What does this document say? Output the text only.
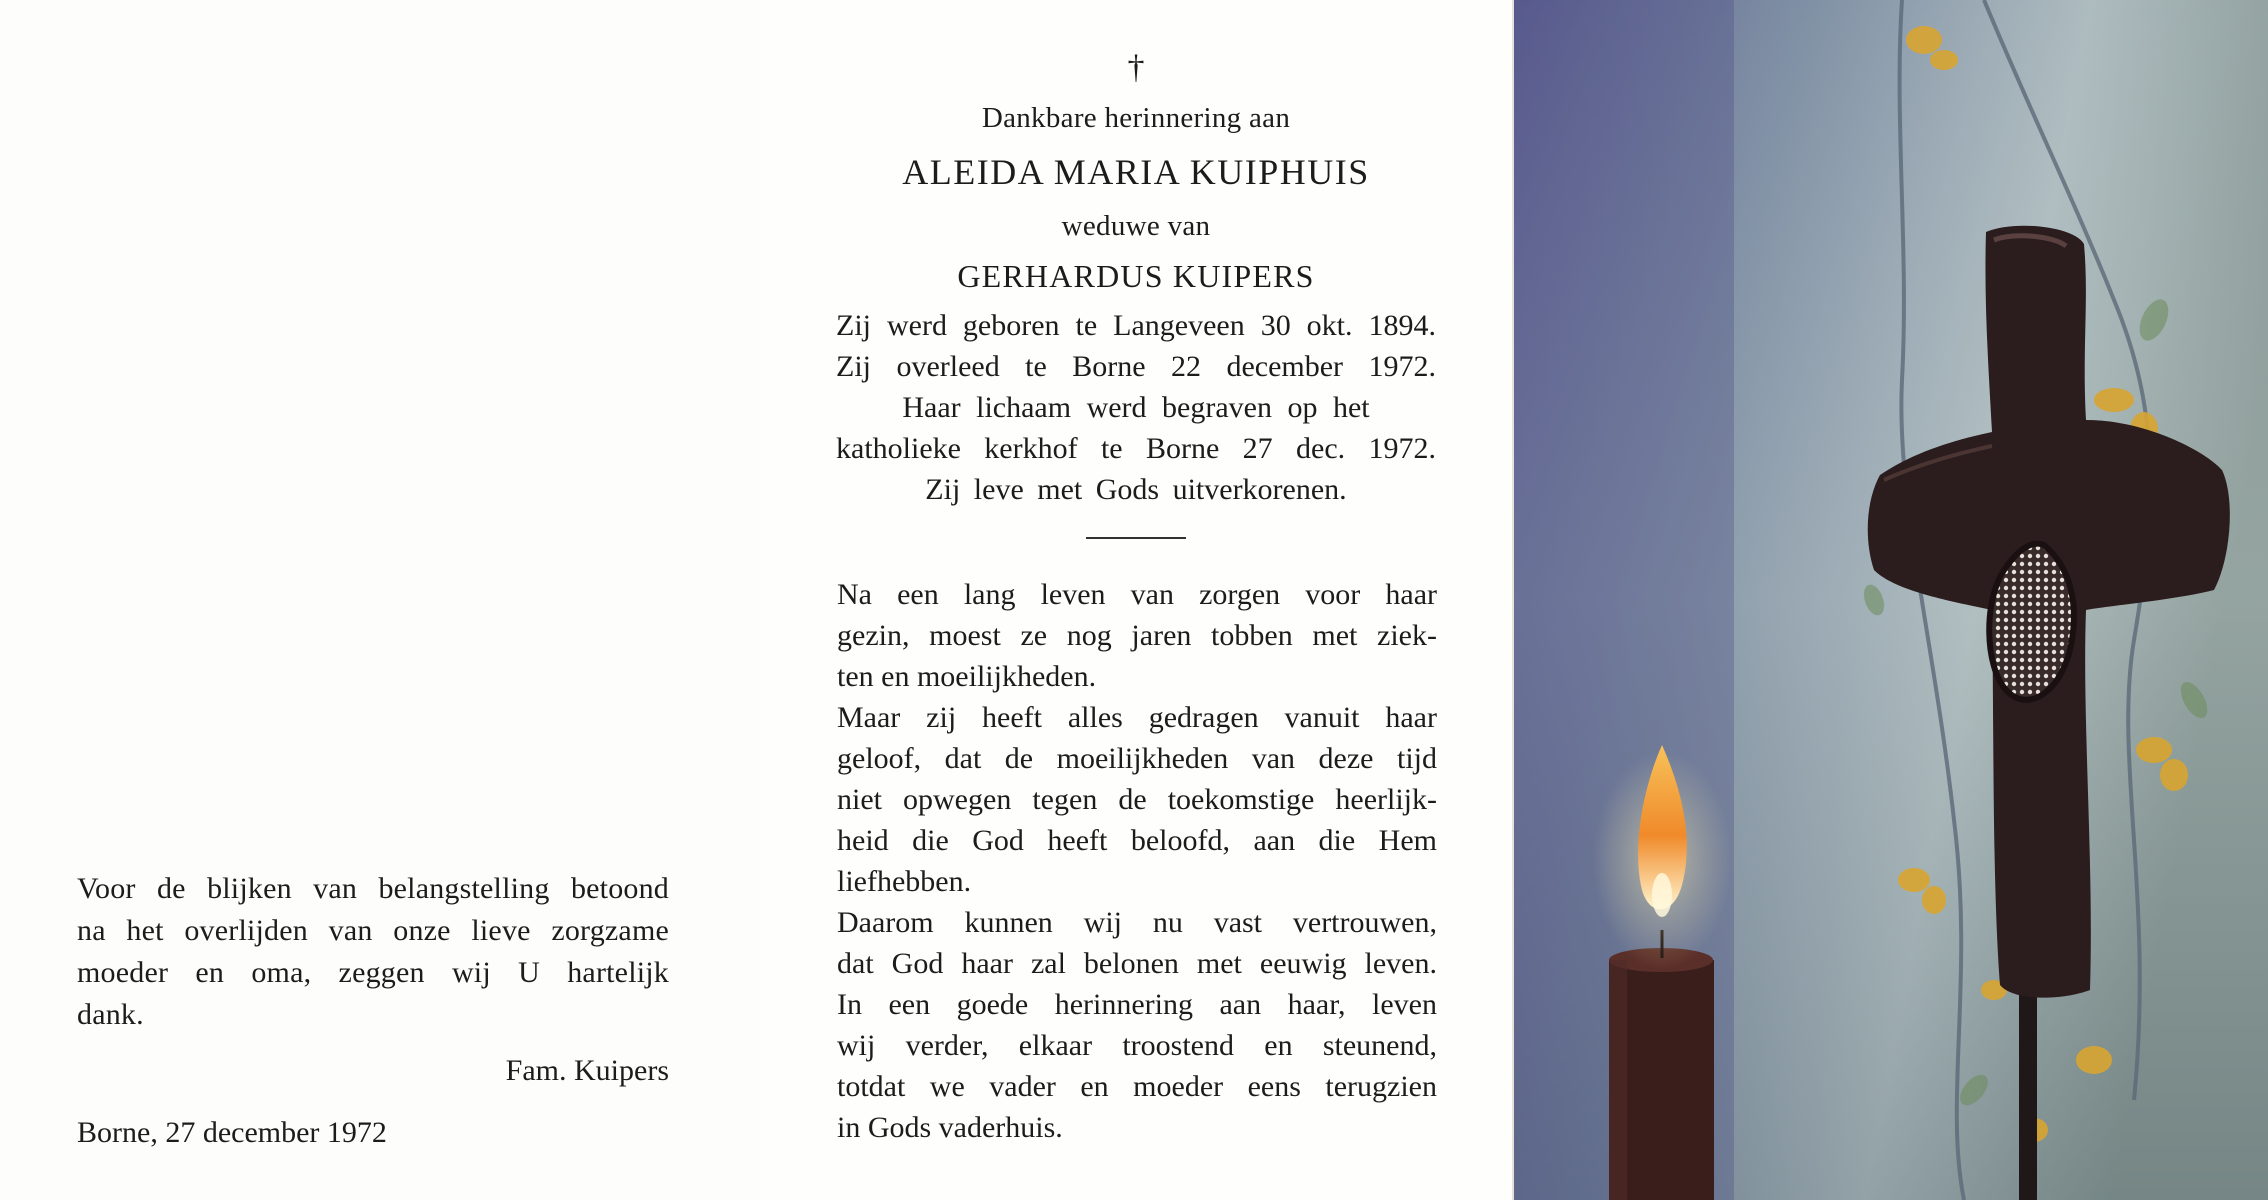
Voor de blijken van belangstelling betoond
na het overlijden van onze lieve zorgzame
moeder en oma, zeggen wij U hartelijk
dank.
Fam. Kuipers
Borne, 27 december 1972
†
Dankbare herinnering aan
ALEIDA MARIA KUIPHUIS
weduwe van
GERHARDUS KUIPERS
Zij werd geboren te Langeveen 30 okt. 1894.
Zij overleed te Borne 22 december 1972.
Haar lichaam werd begraven op het
katholieke kerkhof te Borne 27 dec. 1972.
Zij leve met Gods uitverkorenen.
Na een lang leven van zorgen voor haar
gezin, moest ze nog jaren tobben met ziek-
ten en moeilijkheden.
Maar zij heeft alles gedragen vanuit haar
geloof, dat de moeilijkheden van deze tijd
niet opwegen tegen de toekomstige heerlijk-
heid die God heeft beloofd, aan die Hem
liefhebben.
Daarom kunnen wij nu vast vertrouwen,
dat God haar zal belonen met eeuwig leven.
In een goede herinnering aan haar, leven
wij verder, elkaar troostend en steunend,
totdat we vader en moeder eens terugzien
in Gods vaderhuis.
